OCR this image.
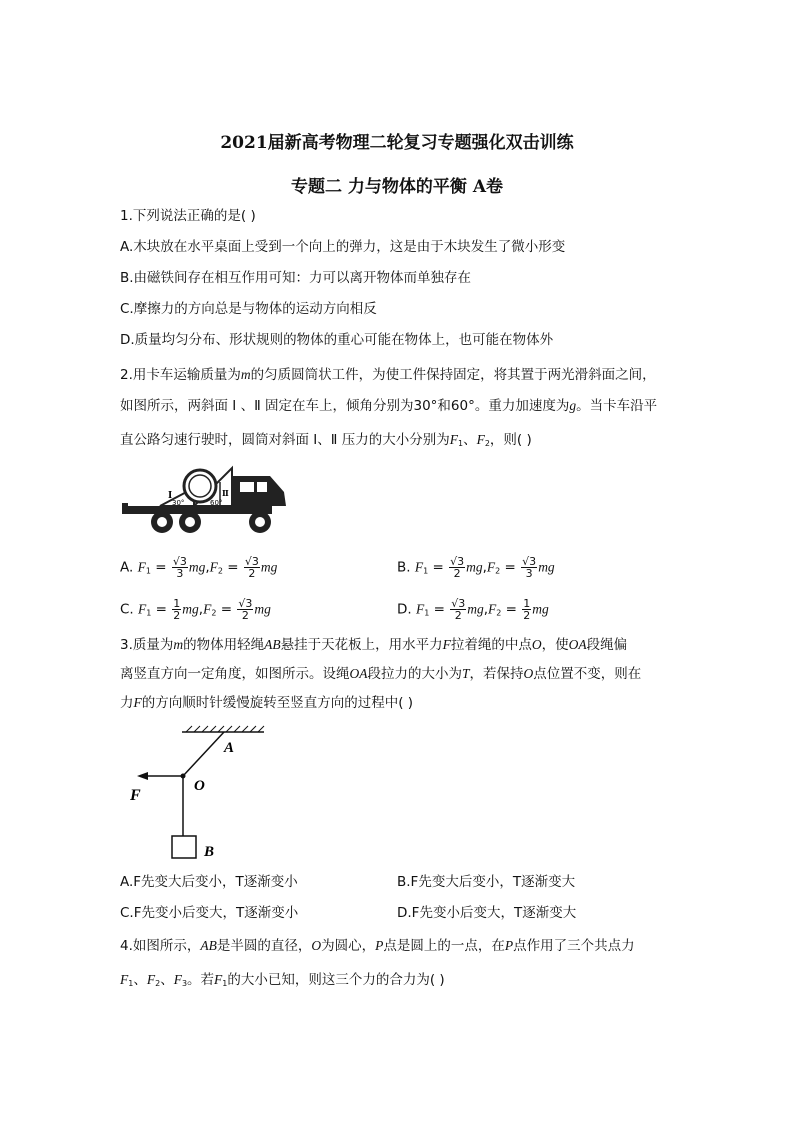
2021届新高考物理二轮复习专题强化双击训练
专题二 力与物体的平衡 A卷
1.下列说法正确的是( )
A.木块放在水平桌面上受到一个向上的弹力，这是由于木块发生了微小形变
B.由磁铁间存在相互作用可知：力可以离开物体而单独存在
C.摩擦力的方向总是与物体的运动方向相反
D.质量均匀分布、形状规则的物体的重心可能在物体上，也可能在物体外
2.用卡车运输质量为m的匀质圆筒状工件，为使工件保持固定，将其置于两光滑斜面之间，
如图所示，两斜面 Ⅰ 、Ⅱ 固定在车上，倾角分别为30°和60°。重力加速度为g。当卡车沿平
直公路匀速行驶时，圆筒对斜面 Ⅰ、Ⅱ 压力的大小分别为$F_1$、$F_2$，则( )
Ⅰ	Ⅱ
30°	60°
A. $F_1 = \frac{√3}{3} mg,F_2 = \frac{√3}{2}$ mg	B. $F_1 = \frac{√3}{2} mg,F_2 = \frac{√3}{3}$ mg
C. $F_1 = \frac{1}{2} mg,F_2 = \frac{√3}{2}$ mg	D. $F_1 = \frac{√3}{2} mg,F_2 = \frac{1}{2}$ mg
3.质量为m的物体用轻绳AB悬挂于天花板上，用水平力F拉着绳的中点O，使OA段绳偏
离竖直方向一定角度，如图所示。设绳OA段拉力的大小为T，若保持O点位置不变，则在
力F的方向顺时针缓慢旋转至竖直方向的过程中( )
A
O
F
B
A.F先变大后变小，T逐渐变小	B.F先变大后变小，T逐渐变大
C.F先变小后变大，T逐渐变小	D.F先变小后变大，T逐渐变大
4.如图所示，AB是半圆的直径，O为圆心，P点是圆上的一点，在P点作用了三个共点力
$F_1$、$F_2$、$F_3$。若$F_1$的大小已知，则这三个力的合力为( )
